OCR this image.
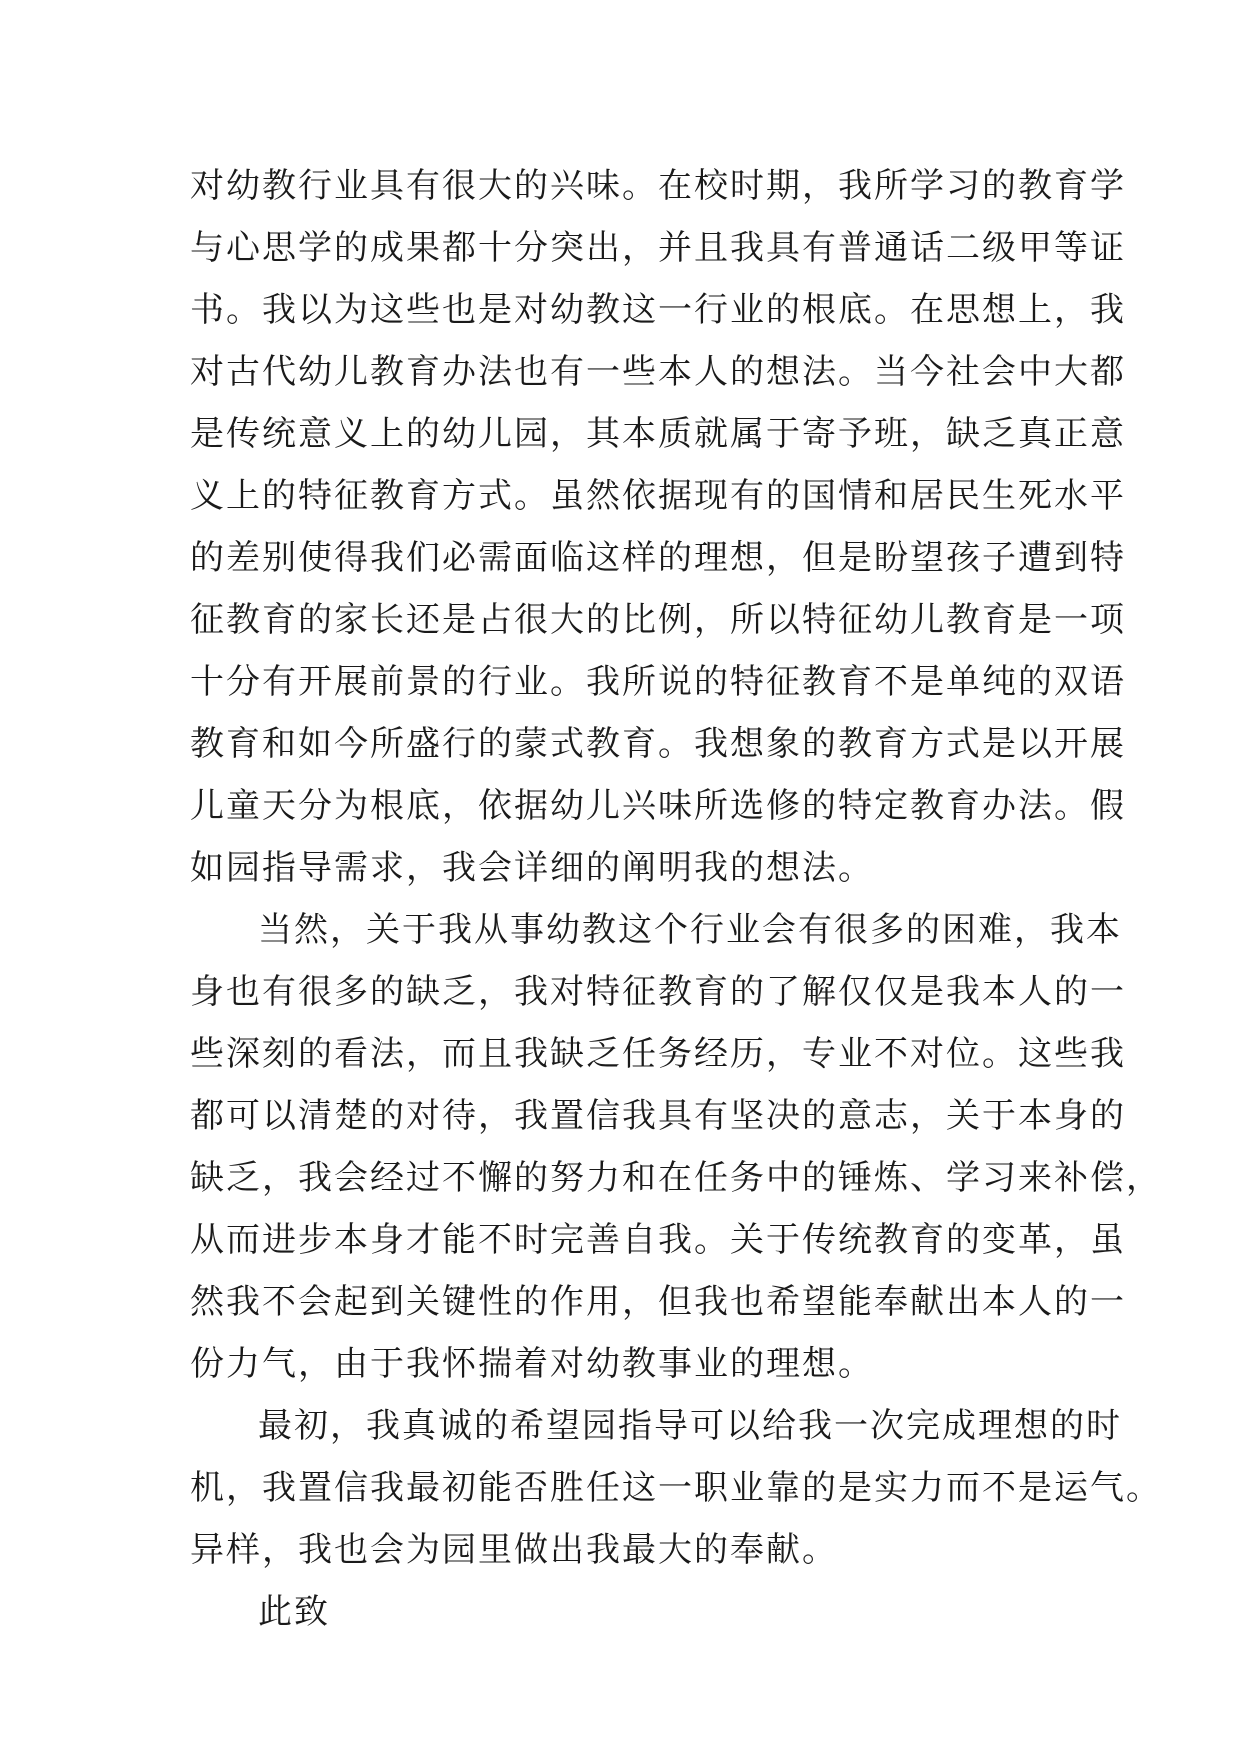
对幼教行业具有很大的兴味。在校时期，我所学习的教育学
与心思学的成果都十分突出，并且我具有普通话二级甲等证
书。我以为这些也是对幼教这一行业的根底。在思想上，我
对古代幼儿教育办法也有一些本人的想法。当今社会中大都
是传统意义上的幼儿园，其本质就属于寄予班，缺乏真正意
义上的特征教育方式。虽然依据现有的国情和居民生死水平
的差别使得我们必需面临这样的理想，但是盼望孩子遭到特
征教育的家长还是占很大的比例，所以特征幼儿教育是一项
十分有开展前景的行业。我所说的特征教育不是单纯的双语
教育和如今所盛行的蒙式教育。我想象的教育方式是以开展
儿童天分为根底，依据幼儿兴味所选修的特定教育办法。假
如园指导需求，我会详细的阐明我的想法。
当然，关于我从事幼教这个行业会有很多的困难，我本
身也有很多的缺乏，我对特征教育的了解仅仅是我本人的一
些深刻的看法，而且我缺乏任务经历，专业不对位。这些我
都可以清楚的对待，我置信我具有坚决的意志，关于本身的
缺乏，我会经过不懈的努力和在任务中的锤炼、学习来补偿，
从而进步本身才能不时完善自我。关于传统教育的变革，虽
然我不会起到关键性的作用，但我也希望能奉献出本人的一
份力气，由于我怀揣着对幼教事业的理想。
最初，我真诚的希望园指导可以给我一次完成理想的时
机，我置信我最初能否胜任这一职业靠的是实力而不是运气。
异样，我也会为园里做出我最大的奉献。
此致
